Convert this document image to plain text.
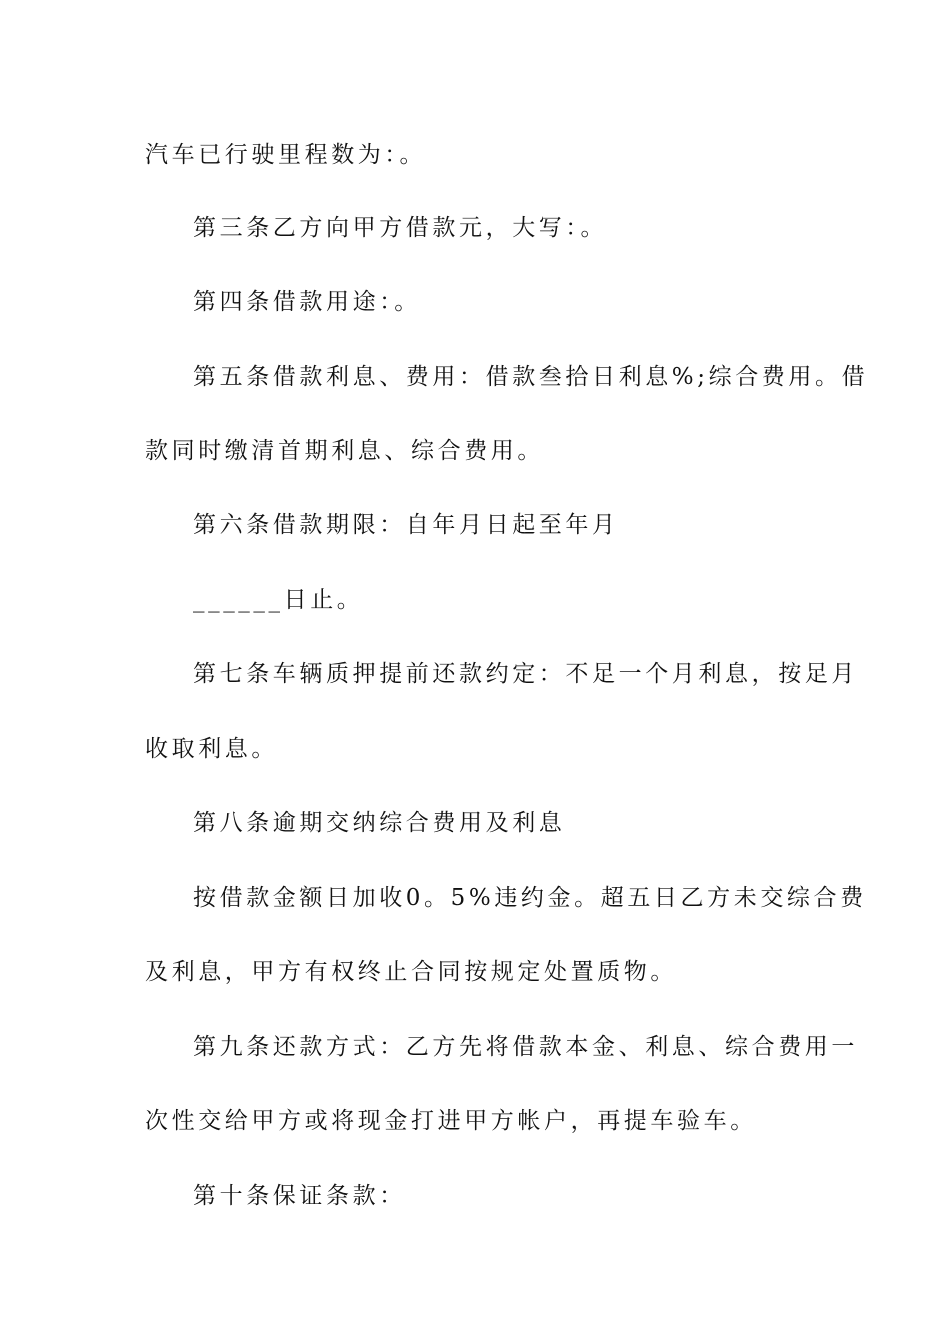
汽车已行驶里程数为：。
第三条乙方向甲方借款元，大写：。
第四条借款用途：。
第五条借款利息、费用：借款叁拾日利息%;综合费用。借
款同时缴清首期利息、综合费用。
第六条借款期限：自年月日起至年月
______日止。
第七条车辆质押提前还款约定：不足一个月利息，按足月
收取利息。
第八条逾期交纳综合费用及利息
按借款金额日加收0。5%违约金。超五日乙方未交综合费
及利息，甲方有权终止合同按规定处置质物。
第九条还款方式：乙方先将借款本金、利息、综合费用一
次性交给甲方或将现金打进甲方帐户，再提车验车。
第十条保证条款：
